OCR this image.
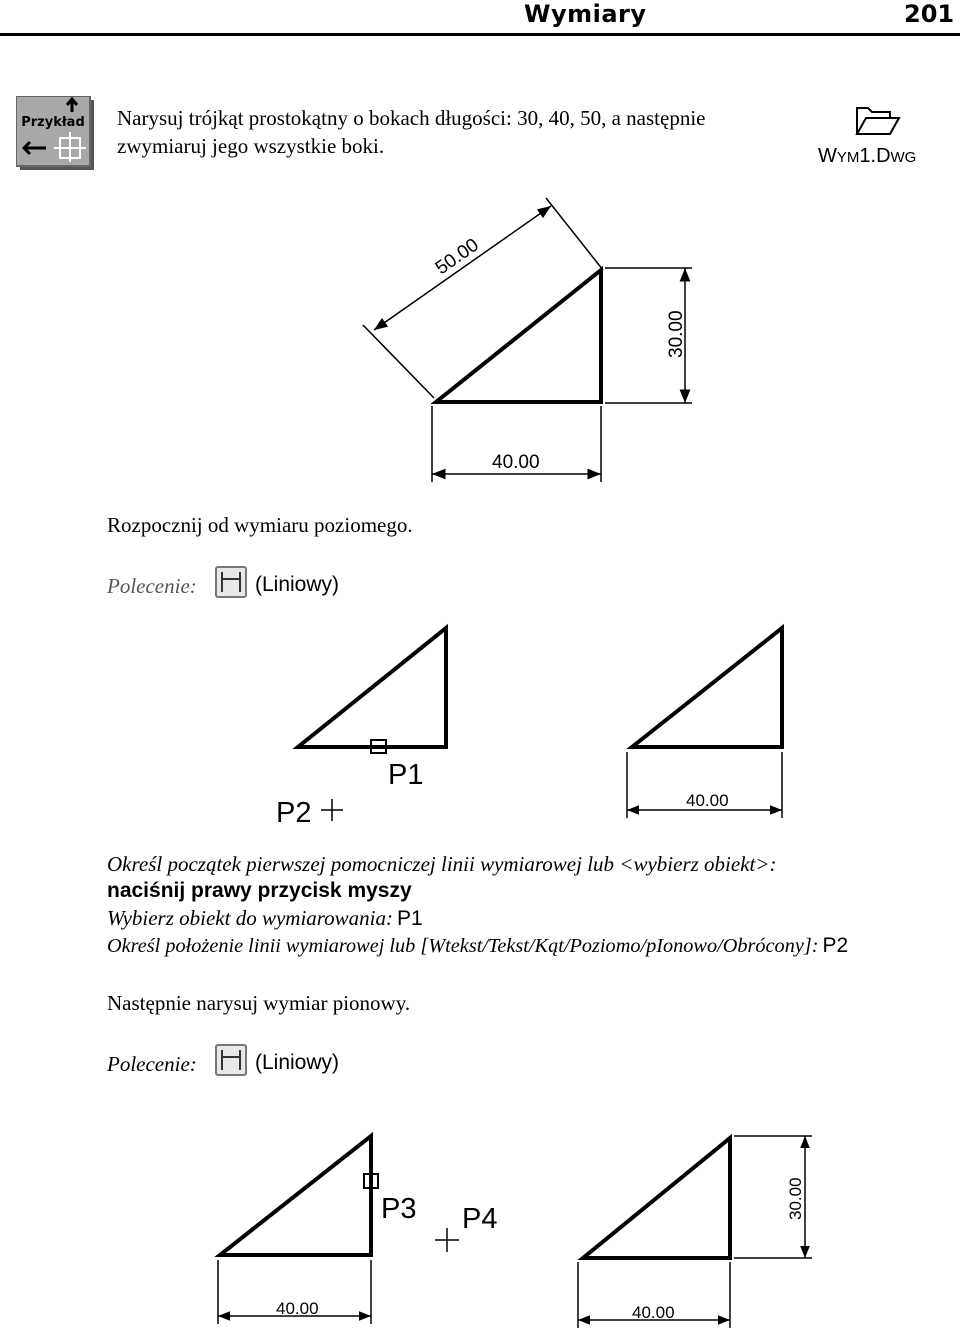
Wymiary	201
Przykład Narysuj trójkąt prostokątny o bokach długości: 30, 40, 50, a następnie
zwymiaruj jego wszystkie boki.	WYM1.DWG
50.00
30.00
40.00
Rozpocznij od wymiaru poziomego.
Polecenie:	(Liniowy)
P1
P2	40.00
Określ początek pierwszej pomocniczej linii wymiarowej lub <wybierz obiekt>:
naciśnij prawy przycisk myszy
Wybierz obiekt do wymiarowania: P1
Określ położenie linii wymiarowej lub [Wtekst/Tekst/Kąt/Poziomo/pIonowo/Obrócony]: P2
Następnie narysuj wymiar pionowy.
Polecenie:	(Liniowy)
P3 P4
40.00
30.00
40.00
